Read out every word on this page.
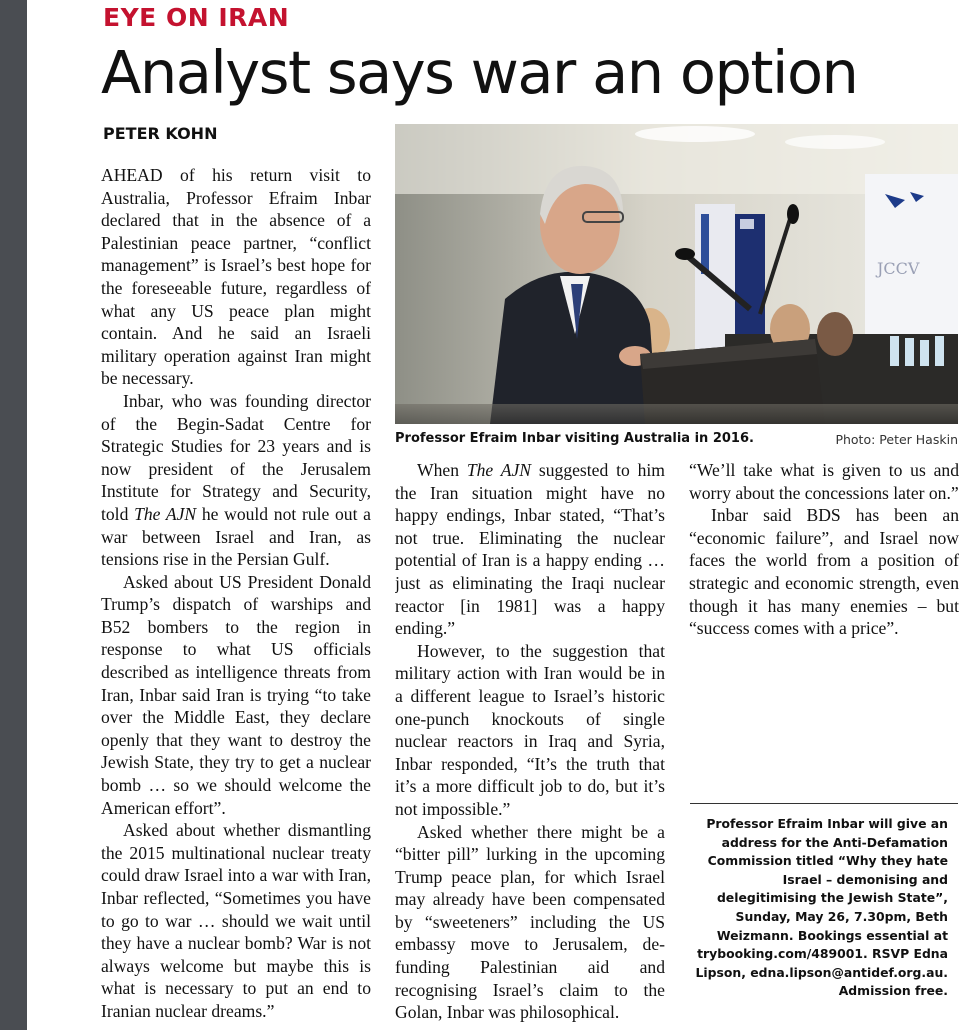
EYE ON IRAN
Analyst says war an option
PETER KOHN

AHEAD of his return visit to Australia, Professor Efraim Inbar declared that in the absence of a Palestinian peace partner, “conflict management” is Israel’s best hope for the foreseeable future, regardless of what any US peace plan might contain. And he said an Israeli military operation against Iran might be necessary.

Inbar, who was founding director of the Begin-Sadat Centre for Strategic Studies for 23 years and is now president of the Jerusalem Institute for Strategy and Security, told The AJN he would not rule out a war between Israel and Iran, as tensions rise in the Persian Gulf.

Asked about US President Donald Trump’s dispatch of warships and B52 bombers to the region in response to what US officials described as intelligence threats from Iran, Inbar said Iran is trying “to take over the Middle East, they declare openly that they want to destroy the Jewish State, they try to get a nuclear bomb … so we should welcome the American effort”.

Asked about whether dismantling the 2015 multinational nuclear treaty could draw Israel into a war with Iran, Inbar reflected, “Sometimes you have to go to war … should we wait until they have a nuclear bomb? War is not always welcome but maybe this is what is necessary to put an end to Iranian nuclear dreams.”

JCCV
Professor Efraim Inbar visiting Australia in 2016.	Photo: Peter Haskin

When The AJN suggested to him the Iran situation might have no happy endings, Inbar stated, “That’s not true. Eliminating the nuclear potential of Iran is a happy ending … just as eliminating the Iraqi nuclear reactor [in 1981] was a happy ending.”

However, to the suggestion that military action with Iran would be in a different league to Israel’s historic one-punch knockouts of single nuclear reactors in Iraq and Syria, Inbar responded, “It’s the truth that it’s a more difficult job to do, but it’s not impossible.”

Asked whether there might be a “bitter pill” lurking in the upcoming Trump peace plan, for which Israel may already have been compensated by “sweeteners” including the US embassy move to Jerusalem, de-funding Palestinian aid and recognising Israel’s claim to the Golan, Inbar was philosophical.

“We’ll take what is given to us and worry about the concessions later on.”

Inbar said BDS has been an “economic failure”, and Israel now faces the world from a position of strategic and economic strength, even though it has many enemies – but “success comes with a price”.

Professor Efraim Inbar will give an address for the Anti-Defamation Commission titled “Why they hate Israel – demonising and delegitimising the Jewish State”, Sunday, May 26, 7.30pm, Beth Weizmann. Bookings essential at trybooking.com/489001. RSVP Edna Lipson, edna.lipson@antidef.org.au. Admission free.
